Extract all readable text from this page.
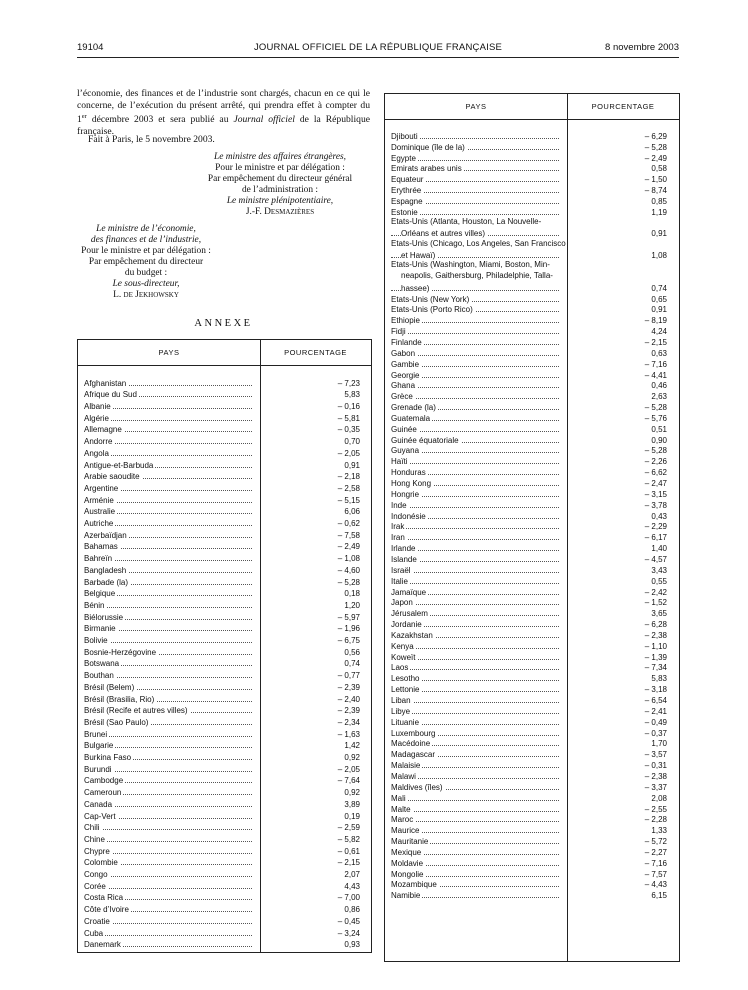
19104	JOURNAL OFFICIEL DE LA RÉPUBLIQUE FRANÇAISE	8 novembre 2003

l’économie, des finances et de l’industrie sont chargés, chacun en ce qui le concerne, de l’exécution du présent arrêté, qui prendra effet à compter du 1er décembre 2003 et sera publié au Journal officiel de la République française.

Fait à Paris, le 5 novembre 2003.
Le ministre des affaires étrangères,
Pour le ministre et par délégation :
Par empêchement du directeur général
de l’administration :
Le ministre plénipotentiaire,
J.-F. Desmazières
Le ministre de l’économie,
des finances et de l’industrie,
Pour le ministre et par délégation :
Par empêchement du directeur
du budget :
Le sous-directeur,
L. de Jekhowsky
ANNEXE
PAYS	POURCENTAGE
Afghanistan	– 7,23
Afrique du Sud	5,83
Albanie	– 0,16
Algérie	– 5,81
Allemagne	– 0,35
Andorre	0,70
Angola	– 2,05
Antigue-et-Barbuda	0,91
Arabie saoudite	– 2,18
Argentine	– 2,58
Arménie	– 5,15
Australie	6,06
Autriche	– 0,62
Azerbaïdjan	– 7,58
Bahamas	– 2,49
Bahreïn	– 1,08
Bangladesh	– 4,60
Barbade (la)	– 5,28
Belgique	0,18
Bénin	1,20
Biélorussie	– 5,97
Birmanie	– 1,96
Bolivie	– 6,75
Bosnie-Herzégovine	0,56
Botswana	0,74
Bouthan	– 0,77
Brésil (Belem)	– 2,39
Brésil (Brasilia, Rio)	– 2,40
Brésil (Recife et autres villes)	– 2,39
Brésil (Sao Paulo)	– 2,34
Brunei	– 1,63
Bulgarie	1,42
Burkina Faso	0,92
Burundi	– 2,05
Cambodge	– 7,64
Cameroun	0,92
Canada	3,89
Cap-Vert	0,19
Chili	– 2,59
Chine	– 5,82
Chypre	– 0,61
Colombie	– 2,15
Congo	2,07
Corée	4,43
Costa Rica	– 7,00
Côte d’Ivoire	0,86
Croatie	– 0,45
Cuba	– 3,24
Danemark	0,93
PAYS	POURCENTAGE
Djibouti	– 6,29
Dominique (île de la)	– 5,28
Egypte	– 2,49
Emirats arabes unis	0,58
Equateur	– 1,50
Erythrée	– 8,74
Espagne	0,85
Estonie	1,19
Etats-Unis (Atlanta, Houston, La Nouvelle-
Orléans et autres villes)	0,91
Etats-Unis (Chicago, Los Angeles, San Francisco
et Hawaï)	1,08
Etats-Unis (Washington, Miami, Boston, Min-
neapolis, Gaithersburg, Philadelphie, Talla-
hassee)	0,74
Etats-Unis (New York)	0,65
Etats-Unis (Porto Rico)	0,91
Ethiopie	– 8,19
Fidji	4,24
Finlande	– 2,15
Gabon	0,63
Gambie	– 7,16
Georgie	– 4,41
Ghana	0,46
Grèce	2,63
Grenade (la)	– 5,28
Guatemala	– 5,76
Guinée	0,51
Guinée équatoriale	0,90
Guyana	– 5,28
Haïti	– 2,26
Honduras	– 6,62
Hong Kong	– 2,47
Hongrie	– 3,15
Inde	– 3,78
Indonésie	0,43
Irak	– 2,29
Iran	– 6,17
Irlande	1,40
Islande	– 4,57
Israël	3,43
Italie	0,55
Jamaïque	– 2,42
Japon	– 1,52
Jérusalem	3,65
Jordanie	– 6,28
Kazakhstan	– 2,38
Kenya	– 1,10
Koweït	– 1,39
Laos	– 7,34
Lesotho	5,83
Lettonie	– 3,18
Liban	– 6,54
Libye	– 2,41
Lituanie	– 0,49
Luxembourg	– 0,37
Macédoine	1,70
Madagascar	– 3,57
Malaisie	– 0,31
Malawi	– 2,38
Maldives (îles)	– 3,37
Mali	2,08
Malte	– 2,55
Maroc	– 2,28
Maurice	1,33
Mauritanie	– 5,72
Mexique	– 2,27
Moldavie	– 7,16
Mongolie	– 7,57
Mozambique	– 4,43
Namibie	6,15
